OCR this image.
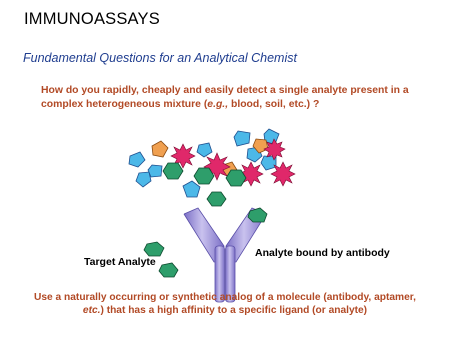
IMMUNOASSAYS
Fundamental Questions for an Analytical Chemist
How do you rapidly, cheaply and easily detect a single analyte present in a complex heterogeneous mixture (e.g., blood, soil, etc.) ?
Target Analyte
Analyte bound by antibody
Use a naturally occurring or synthetic analog of a molecule (antibody, aptamer, etc.) that has a high affinity to a specific ligand (or analyte)
